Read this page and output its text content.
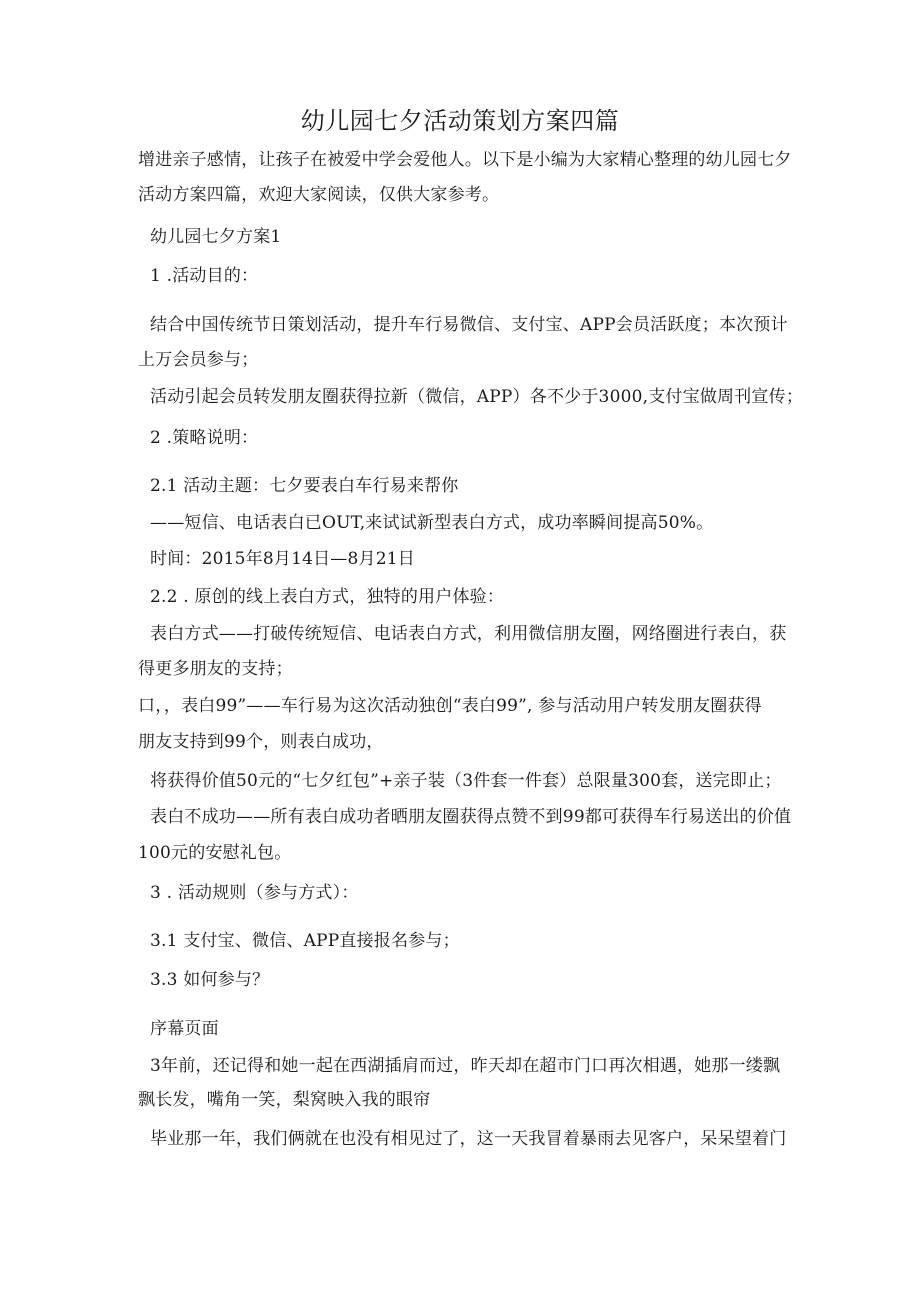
幼儿园七夕活动策划方案四篇
增进亲子感情，让孩子在被爱中学会爱他人。以下是小编为大家精心整理的幼儿园七夕
活动方案四篇，欢迎大家阅读，仅供大家参考。
幼儿园七夕方案1
1 .活动目的：
结合中国传统节日策划活动，提升车行易微信、支付宝、APP会员活跃度；本次预计
上万会员参与；
活动引起会员转发朋友圈获得拉新（微信，APP）各不少于3000,支付宝做周刊宣传；
2 .策略说明：
2.1 活动主题：七夕要表白车行易来帮你
——短信、电话表白已OUT,来试试新型表白方式，成功率瞬间提高50%。
时间：2015年8月14日—8月21日
2.2 . 原创的线上表白方式，独特的用户体验：
表白方式——打破传统短信、电话表白方式，利用微信朋友圈，网络圈进行表白，获
得更多朋友的支持；
口，，表白99”——车行易为这次活动独创“表白99”, 参与活动用户转发朋友圈获得
朋友支持到99个，则表白成功，
将获得价值50元的“七夕红包”+亲子装（3件套一件套）总限量300套，送完即止；
表白不成功——所有表白成功者晒朋友圈获得点赞不到99都可获得车行易送出的价值
100元的安慰礼包。
3 . 活动规则（参与方式）：
3.1 支付宝、微信、APP直接报名参与；
3.3 如何参与？
序幕页面
3年前，还记得和她一起在西湖插肩而过，昨天却在超市门口再次相遇，她那一缕飘
飘长发，嘴角一笑，梨窝映入我的眼帘
毕业那一年，我们俩就在也没有相见过了，这一天我冒着暴雨去见客户，呆呆望着门
